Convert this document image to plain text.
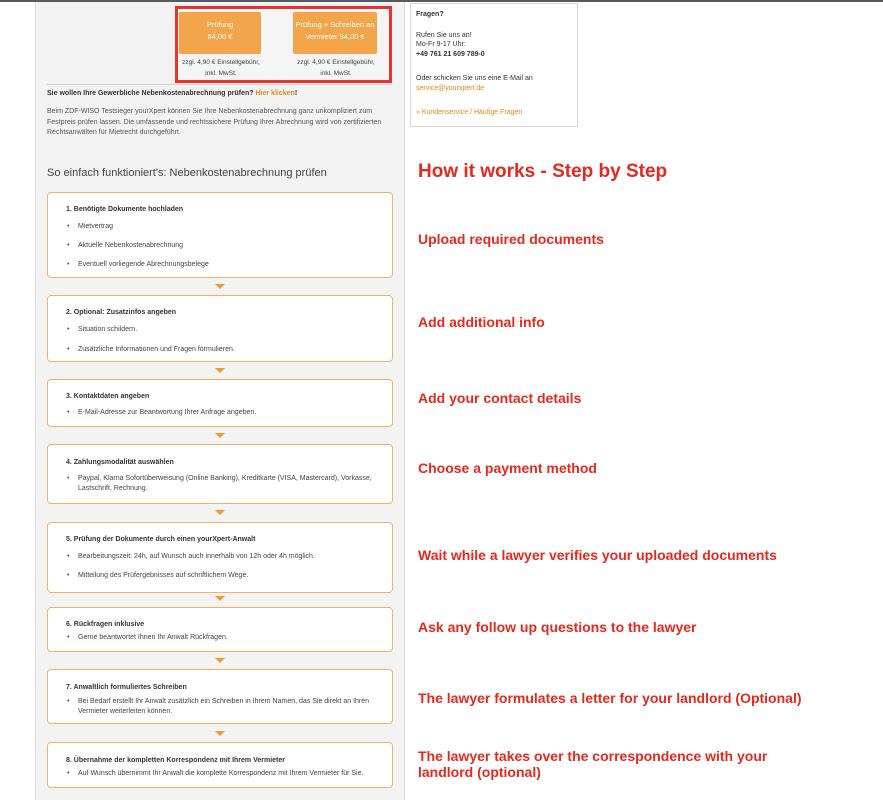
Prüfung
64,00 €
Prüfung + Schreiben an
Vermieter 94,00 €
zzgl. 4,90 € Einstellgebühr,
inkl. MwSt.
zzgl. 4,90 € Einstellgebühr,
inkl. MwSt.
Fragen?
Rufen Sie uns an!
Mo-Fr 9-17 Uhr:
+49 761 21 609 789-0
Oder schicken Sie uns eine E-Mail an
service@yourxpert.de
» Kundenservice / Häufige Fragen
Sie wollen Ihre Gewerbliche Nebenkostenabrechnung prüfen? Hier klicken!
Beim ZDF-WISO Testsieger yourXpert können Sie Ihre Nebenkostenabrechnung ganz unkompliziert zum Festpreis prüfen lassen. Die umfassende und rechtssichere Prüfung Ihrer Abrechnung wird von zertifizierten Rechtsanwälten für Mietrecht durchgeführt.
So einfach funktioniert's: Nebenkostenabrechnung prüfen
1. Benötigte Dokumente hochladen
• Mietvertrag
• Aktuelle Nebenkostenabrechnung
• Eventuell vorliegende Abrechnungsbelege
2. Optional: Zusatzinfos angeben
• Situation schildern.
• Zusätzliche Informationen und Fragen formulieren.
3. Kontaktdaten angeben
• E-Mail-Adresse zur Beantwortung Ihrer Anfrage angeben.
4. Zahlungsmodalität auswählen
• Paypal, Klarna Sofortüberweisung (Online Banking), Kreditkarte (VISA, Mastercard), Vorkasse, Lastschrift, Rechnung.
5. Prüfung der Dokumente durch einen yourXpert-Anwalt
• Bearbeitungszeit: 24h, auf Wunsch auch innerhalb von 12h oder 4h möglich.
• Mitteilung des Prüfergebnisses auf schriftlichem Wege.
6. Rückfragen inklusive
• Gerne beantwortet Ihnen Ihr Anwalt Rückfragen.
7. Anwaltlich formuliertes Schreiben
• Bei Bedarf erstellt Ihr Anwalt zusätzlich ein Schreiben in Ihrem Namen, das Sie direkt an Ihren Vermieter weiterleiten können.
8. Übernahme der kompletten Korrespondenz mit Ihrem Vermieter
• Auf Wunsch übernimmt Ihr Anwalt die komplette Korrespondenz mit Ihrem Vermieter für Sie.
How it works - Step by Step
Upload required documents
Add additional info
Add your contact details
Choose a payment method
Wait while a lawyer verifies your uploaded documents
Ask any follow up questions to the lawyer
The lawyer formulates a letter for your landlord (Optional)
The lawyer takes over the correspondence with your landlord (optional)
